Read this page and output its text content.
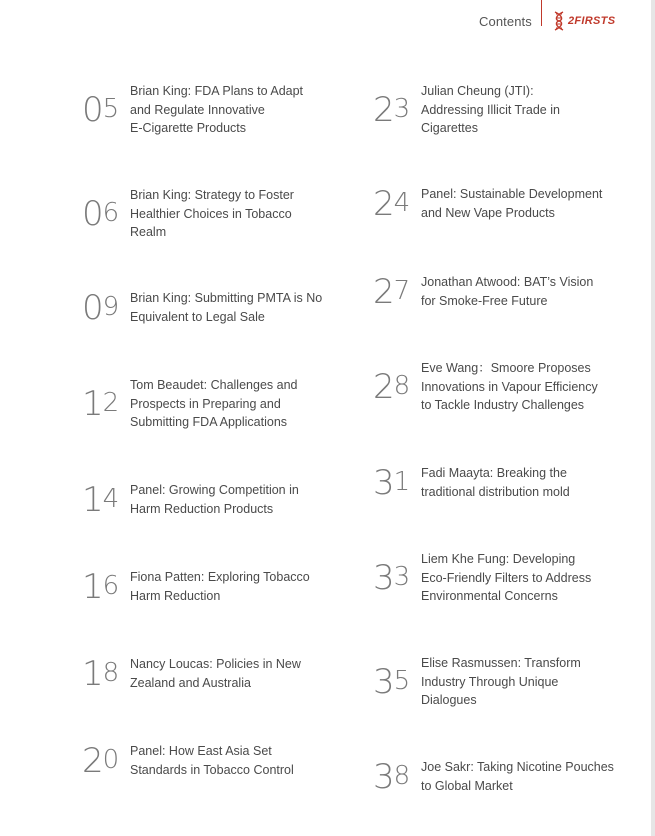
Contents	2FIRSTS
05
Brian King: FDA Plans to Adapt
and Regulate Innovative
E-Cigarette Products
06
Brian King: Strategy to Foster
Healthier Choices in Tobacco
Realm
09 Brian King: Submitting PMTA is No
Equivalent to Legal Sale
12
Tom Beaudet: Challenges and
Prospects in Preparing and
Submitting FDA Applications
14 Panel: Growing Competition in
Harm Reduction Products
16 Fiona Patten: Exploring Tobacco
Harm Reduction
18 Nancy Loucas: Policies in New
Zealand and Australia
20 Panel: How East Asia Set
Standards in Tobacco Control
23
Julian Cheung (JTI):
Addressing Illicit Trade in
Cigarettes
24 Panel: Sustainable Development
and New Vape Products
27 Jonathan Atwood: BAT’s Vision
for Smoke-Free Future
28
Eve Wang：Smoore Proposes
Innovations in Vapour Efficiency
to Tackle Industry Challenges
31 Fadi Maayta: Breaking the
traditional distribution mold
33
Liem Khe Fung: Developing
Eco-Friendly Filters to Address
Environmental Concerns
35
Elise Rasmussen: Transform
Industry Through Unique
Dialogues
38 Joe Sakr: Taking Nicotine Pouches
to Global Market
